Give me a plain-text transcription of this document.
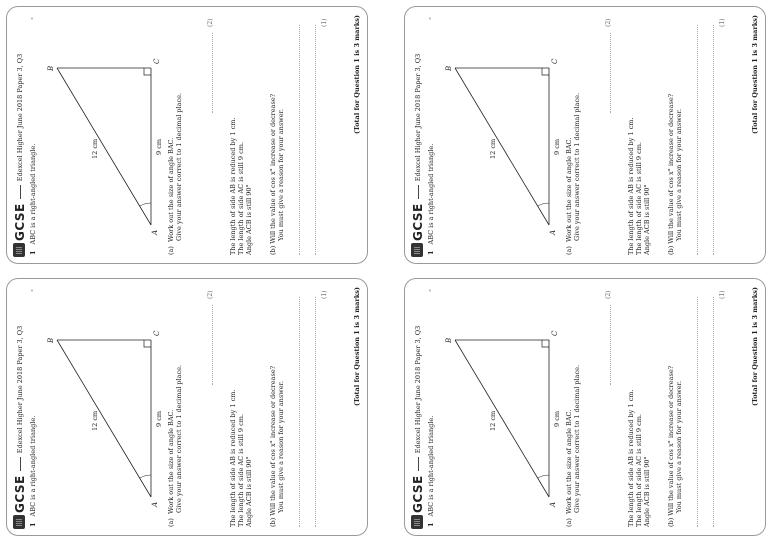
GCSE
Edexcel Higher June 2018 Paper 3, Q3
°
1
ABC is a right-angled triangle.	A
B
C
12 cm	9 cm
(a)
Work out the size of angle BAC. Give your answer correct to 1 decimal place.
(2)
The length of side AB is reduced by 1 cm. The length of side AC is still 9 cm. Angle ACB is still 90° (b) Will the value of cos x° increase or decrease? You must give a reason for your answer.
(1)	(Total for Question 1 is 3 marks)
GCSE
Edexcel Higher June 2018 Paper 3, Q3
°
1
ABC is a right-angled triangle.	A
B
C
12 cm	9 cm
(a)
Work out the size of angle BAC. Give your answer correct to 1 decimal place.
(2)
The length of side AB is reduced by 1 cm. The length of side AC is still 9 cm. Angle ACB is still 90° (b) Will the value of cos x° increase or decrease? You must give a reason for your answer.
(1)	(Total for Question 1 is 3 marks)
GCSE
Edexcel Higher June 2018 Paper 3, Q3
°
1
ABC is a right-angled triangle.	A
B
C
12 cm	9 cm
(a)
Work out the size of angle BAC. Give your answer correct to 1 decimal place.
(2)
The length of side AB is reduced by 1 cm. The length of side AC is still 9 cm. Angle ACB is still 90° (b) Will the value of cos x° increase or decrease? You must give a reason for your answer.
(1)	(Total for Question 1 is 3 marks)
GCSE
Edexcel Higher June 2018 Paper 3, Q3
°
1
ABC is a right-angled triangle.	A
B
C
12 cm	9 cm
(a)
Work out the size of angle BAC. Give your answer correct to 1 decimal place.
(2)
The length of side AB is reduced by 1 cm. The length of side AC is still 9 cm. Angle ACB is still 90° (b) Will the value of cos x° increase or decrease? You must give a reason for your answer.
(1)	(Total for Question 1 is 3 marks)
